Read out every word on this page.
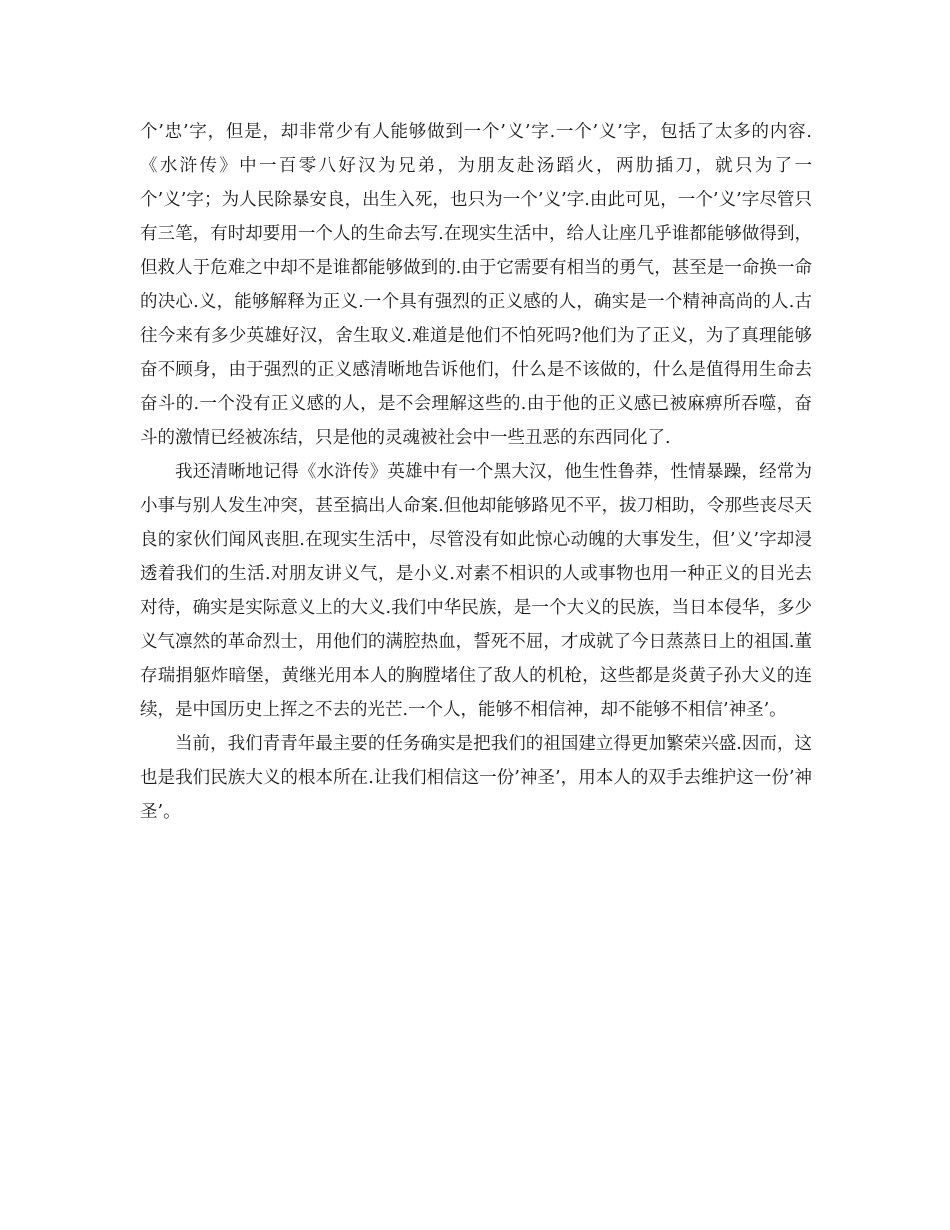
个’忠’字，但是，却非常少有人能够做到一个’义’字.一个’义’字，包括了太多的内容.《水浒传》中一百零八好汉为兄弟，为朋友赴汤蹈火，两肋插刀，就只为了一个’义’字；为人民除暴安良，出生入死，也只为一个’义’字.由此可见，一个’义’字尽管只有三笔，有时却要用一个人的生命去写.在现实生活中，给人让座几乎谁都能够做得到，但救人于危难之中却不是谁都能够做到的.由于它需要有相当的勇气，甚至是一命换一命的决心.义，能够解释为正义.一个具有强烈的正义感的人，确实是一个精神高尚的人.古往今来有多少英雄好汉，舍生取义.难道是他们不怕死吗?他们为了正义，为了真理能够奋不顾身，由于强烈的正义感清晰地告诉他们，什么是不该做的，什么是值得用生命去奋斗的.一个没有正义感的人，是不会理解这些的.由于他的正义感已被麻痹所吞噬，奋斗的激情已经被冻结，只是他的灵魂被社会中一些丑恶的东西同化了.

我还清晰地记得《水浒传》英雄中有一个黑大汉，他生性鲁莽，性情暴躁，经常为小事与别人发生冲突，甚至搞出人命案.但他却能够路见不平，拔刀相助，令那些丧尽天良的家伙们闻风丧胆.在现实生活中，尽管没有如此惊心动魄的大事发生，但’义’字却浸透着我们的生活.对朋友讲义气，是小义.对素不相识的人或事物也用一种正义的目光去对待，确实是实际意义上的大义.我们中华民族，是一个大义的民族，当日本侵华，多少义气凛然的革命烈士，用他们的满腔热血，誓死不屈，才成就了今日蒸蒸日上的祖国.董存瑞捐躯炸暗堡，黄继光用本人的胸膛堵住了敌人的机枪，这些都是炎黄子孙大义的连续，是中国历史上挥之不去的光芒.一个人，能够不相信神，却不能够不相信’神圣’。

当前，我们青青年最主要的任务确实是把我们的祖国建立得更加繁荣兴盛.因而，这也是我们民族大义的根本所在.让我们相信这一份’神圣’，用本人的双手去维护这一份’神圣’。
